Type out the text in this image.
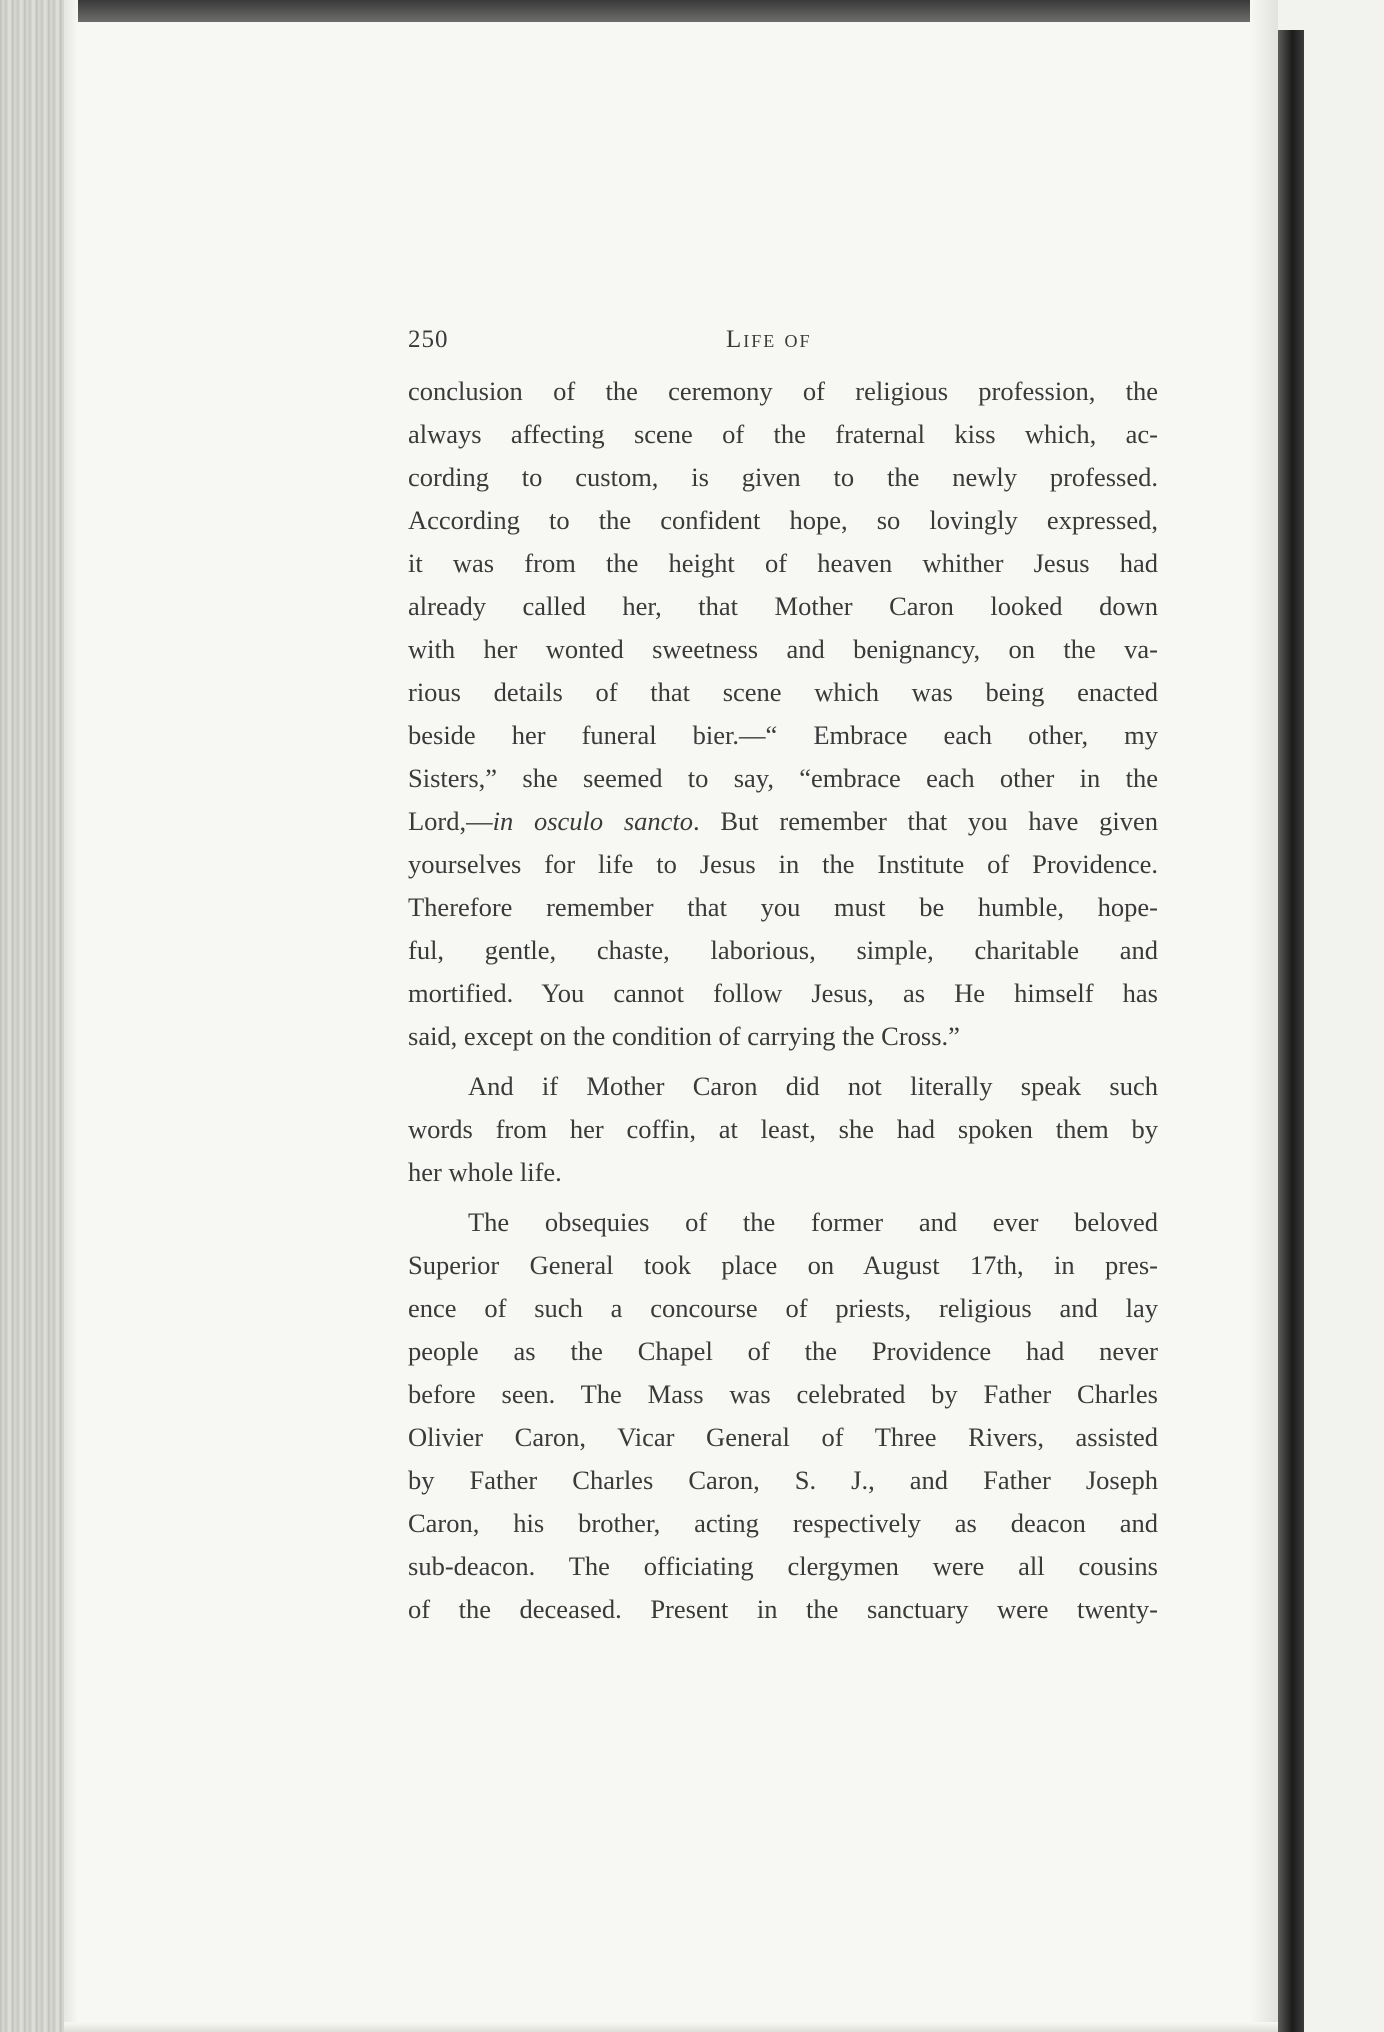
250	Life of
conclusion of the ceremony of religious profession, the
always affecting scene of the fraternal kiss which, ac-
cording to custom, is given to the newly professed.
According to the confident hope, so lovingly expressed,
it was from the height of heaven whither Jesus had
already called her, that Mother Caron looked down
with her wonted sweetness and benignancy, on the va-
rious details of that scene which was being enacted
beside her funeral bier.—“ Embrace each other, my
Sisters,” she seemed to say, “embrace each other in the
Lord,—in osculo sancto. But remember that you have given
yourselves for life to Jesus in the Institute of Providence.
Therefore remember that you must be humble, hope-
ful, gentle, chaste, laborious, simple, charitable and
mortified. You cannot follow Jesus, as He himself has
said, except on the condition of carrying the Cross.”
And if Mother Caron did not literally speak such
words from her coffin, at least, she had spoken them by
her whole life.
The obsequies of the former and ever beloved
Superior General took place on August 17th, in pres-
ence of such a concourse of priests, religious and lay
people as the Chapel of the Providence had never
before seen. The Mass was celebrated by Father Charles
Olivier Caron, Vicar General of Three Rivers, assisted
by Father Charles Caron, S. J., and Father Joseph
Caron, his brother, acting respectively as deacon and
sub-deacon. The officiating clergymen were all cousins
of the deceased. Present in the sanctuary were twenty-
